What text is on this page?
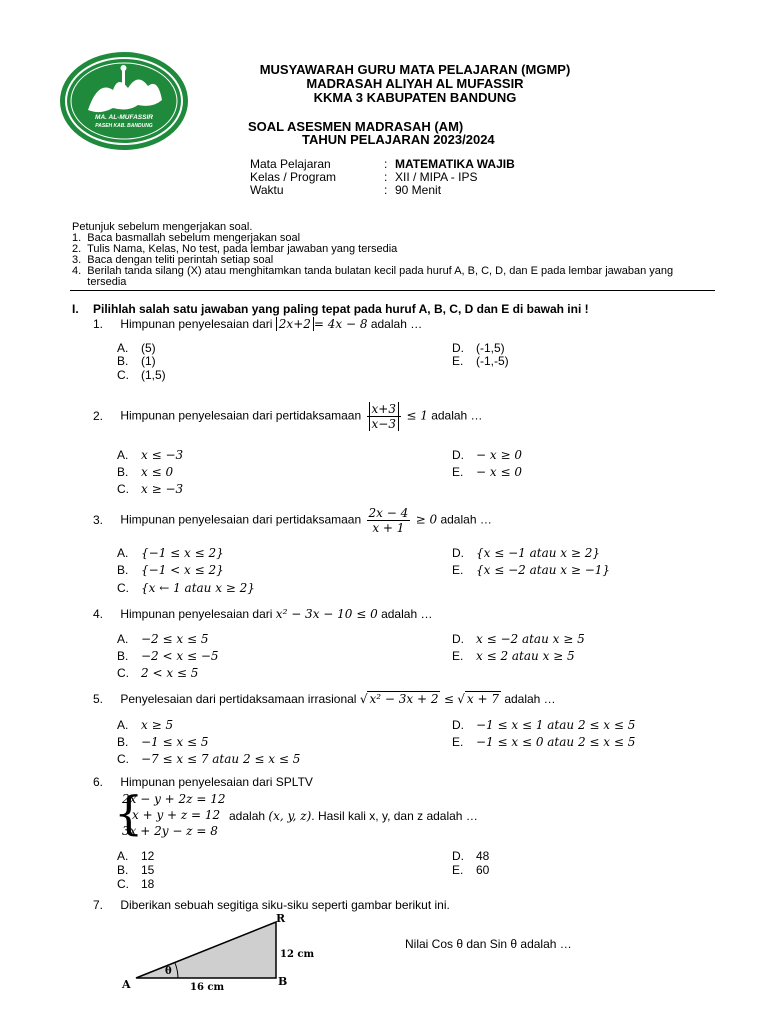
MA. AL-MUFASSIR
PASEH KAB. BANDUNG
MUSYAWARAH GURU MATA PELAJARAN (MGMP)
MADRASAH ALIYAH AL MUFASSIR
KKMA 3 KABUPATEN BANDUNG
SOAL ASESMEN MADRASAH (AM)
TAHUN PELAJARAN 2023/2024
Mata Pelajaran	: MATEMATIKA WAJIB
Kelas / Program	: XII / MIPA - IPS
Waktu	: 90 Menit
Petunjuk sebelum mengerjakan soal.
1.  Baca basmallah sebelum mengerjakan soal
2.  Tulis Nama, Kelas, No test, pada lembar jawaban yang tersedia
3.  Baca dengan teliti perintah setiap soal
4.  Berilah tanda silang (X) atau menghitamkan tanda bulatan kecil pada huruf A, B, C, D, dan E pada lembar jawaban yang
tersedia
I. Pilihlah salah satu jawaban yang paling tepat pada huruf A, B, C, D dan E di bawah ini !
1. Himpunan penyelesaian dari 2x+2 = 4x − 8 adalah …
A. (5)
B. (1)
C. (1,5)
D. (-1,5)
E. (-1,-5)
2. Himpunan penyelesaian dari pertidaksamaan $\frac{x+3}{x-3} \le 1$ adalah …
A. x ≤ −3
B. x ≤ 0
C. x ≥ −3
D. − x ≥ 0
E. − x ≤ 0
3. Himpunan penyelesaian dari pertidaksamaan $\frac{2x - 4}{x + 1} \ge 0$ adalah …
A. {−1 ≤ x ≤ 2}
B. {−1 < x ≤ 2}
C. {x ← 1 atau x ≥ 2}
D. {x ≤ −1 atau x ≥ 2}
E. {x ≤ −2 atau x ≥ −1}
4. Himpunan penyelesaian dari x² − 3x − 10 ≤ 0 adalah …
A. −2 ≤ x ≤ 5
B. −2 < x ≤ −5
C. 2 < x ≤ 5
D. x ≤ −2 atau x ≥ 5
E. x ≤ 2 atau x ≥ 5
5. Penyelesaian dari pertidaksamaan irrasional √ x² − 3x + 2 ≤ √ x + 7 adalah …
A. x ≥ 5
B. −1 ≤ x ≤ 5
C. −7 ≤ x ≤ 7 atau 2 ≤ x ≤ 5
D. −1 ≤ x ≤ 1 atau 2 ≤ x ≤ 5
E. −1 ≤ x ≤ 0 atau 2 ≤ x ≤ 5
6. Himpunan penyelesaian dari SPLTV
{
2x − y + 2z = 12
x + y + z = 12
3x + 2y − z = 8
adalah (x, y, z). Hasil kali x, y, dan z adalah …
A. 12
B. 15
C. 18
D. 48
E. 60
7. Diberikan sebuah segitiga siku-siku seperti gambar berikut ini.
A
R
B
θ
12 cm
16 cm
Nilai Cos θ dan Sin θ adalah …
